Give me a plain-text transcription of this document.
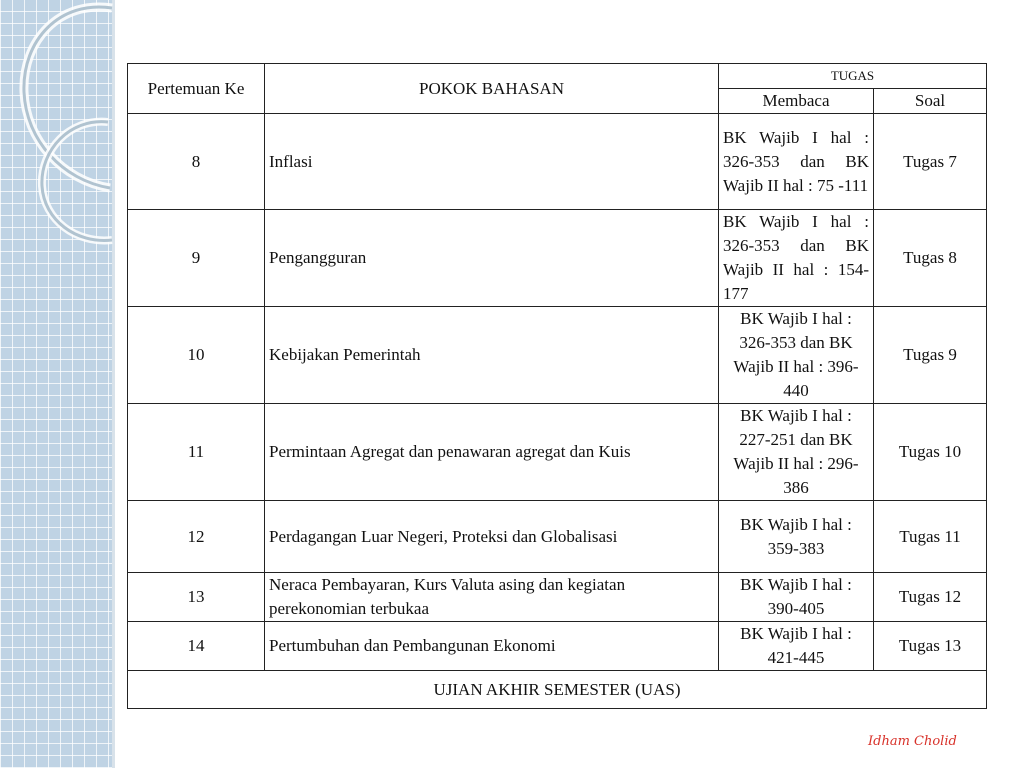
Pertemuan Ke	POKOK BAHASAN	TUGAS	
		Membaca	Soal
8	Inflasi	BK Wajib I hal : 326-353 dan BK Wajib II hal : 75 -111	Tugas 7
9	Pengangguran	BK Wajib I hal : 326-353 dan BK Wajib II hal : 154-177	Tugas 8
10	Kebijakan Pemerintah	BK Wajib I hal : 326-353 dan BK Wajib II hal : 396-440	Tugas 9
11	Permintaan Agregat dan penawaran agregat dan Kuis	BK Wajib I hal : 227-251 dan BK Wajib II hal : 296-386	Tugas 10
12	Perdagangan Luar Negeri, Proteksi dan Globalisasi	BK Wajib I hal : 359-383	Tugas 11
13	Neraca Pembayaran, Kurs Valuta asing dan kegiatan perekonomian terbukaa	BK Wajib I hal : 390-405	Tugas 12
14	Pertumbuhan dan Pembangunan Ekonomi	BK Wajib I hal : 421-445	Tugas 13
UJIAN AKHIR SEMESTER (UAS)			
Idham Cholid
